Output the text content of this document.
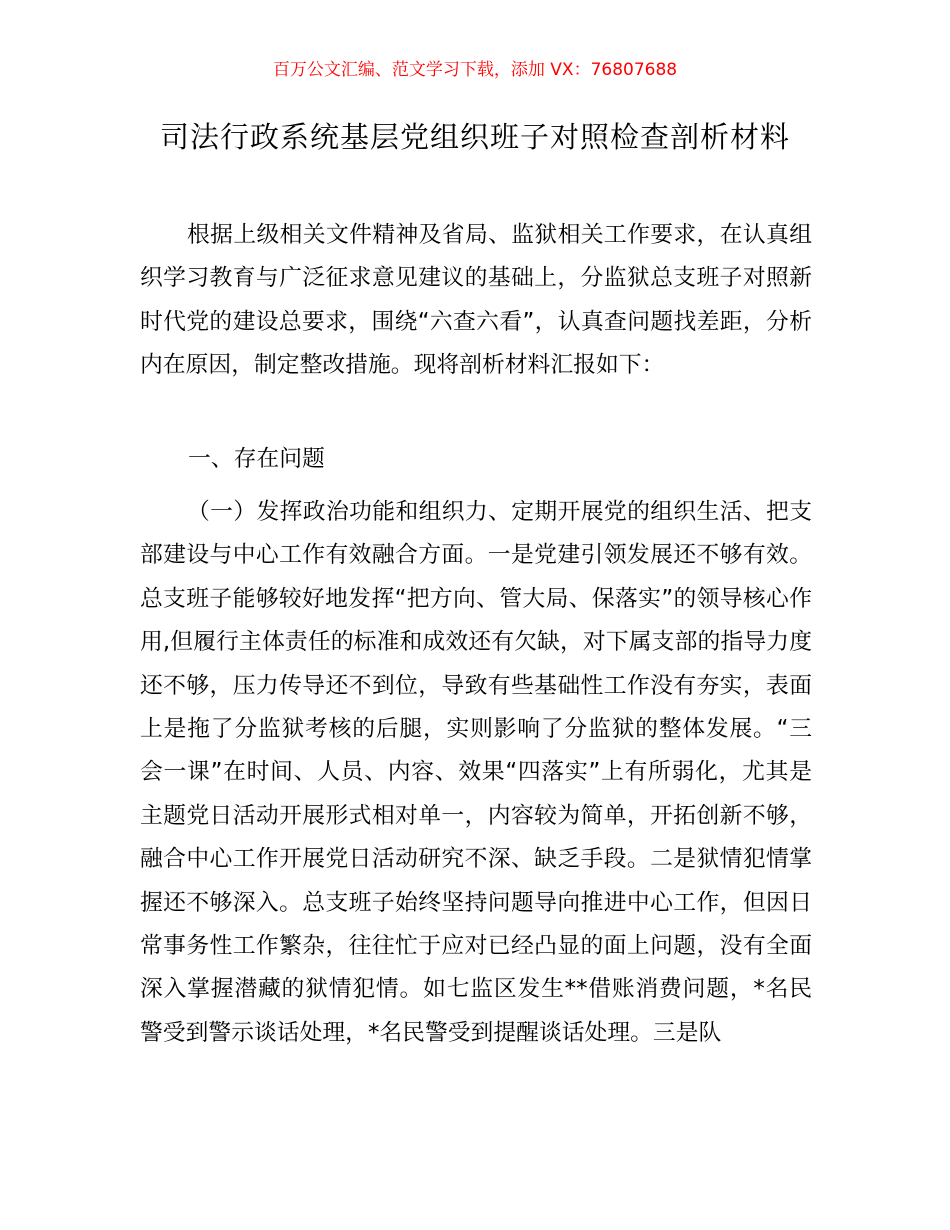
百万公文汇编、范文学习下载，添加 VX：76807688
司法行政系统基层党组织班子对照检查剖析材料

根据上级相关文件精神及省局、监狱相关工作要求，在认真组织学习教育与广泛征求意见建议的基础上，分监狱总支班子对照新时代党的建设总要求，围绕“六查六看”，认真查问题找差距，分析内在原因，制定整改措施。现将剖析材料汇报如下：

一、存在问题

（一）发挥政治功能和组织力、定期开展党的组织生活、把支部建设与中心工作有效融合方面。一是党建引领发展还不够有效。总支班子能够较好地发挥“把方向、管大局、保落实”的领导核心作用,但履行主体责任的标准和成效还有欠缺，对下属支部的指导力度还不够，压力传导还不到位，导致有些基础性工作没有夯实，表面上是拖了分监狱考核的后腿，实则影响了分监狱的整体发展。“三会一课”在时间、人员、内容、效果“四落实”上有所弱化，尤其是主题党日活动开展形式相对单一，内容较为简单，开拓创新不够，融合中心工作开展党日活动研究不深、缺乏手段。二是狱情犯情掌握还不够深入。总支班子始终坚持问题导向推进中心工作，但因日常事务性工作繁杂，往往忙于应对已经凸显的面上问题，没有全面深入掌握潜藏的狱情犯情。如七监区发生**借账消费问题，*名民警受到警示谈话处理，*名民警受到提醒谈话处理。三是队
